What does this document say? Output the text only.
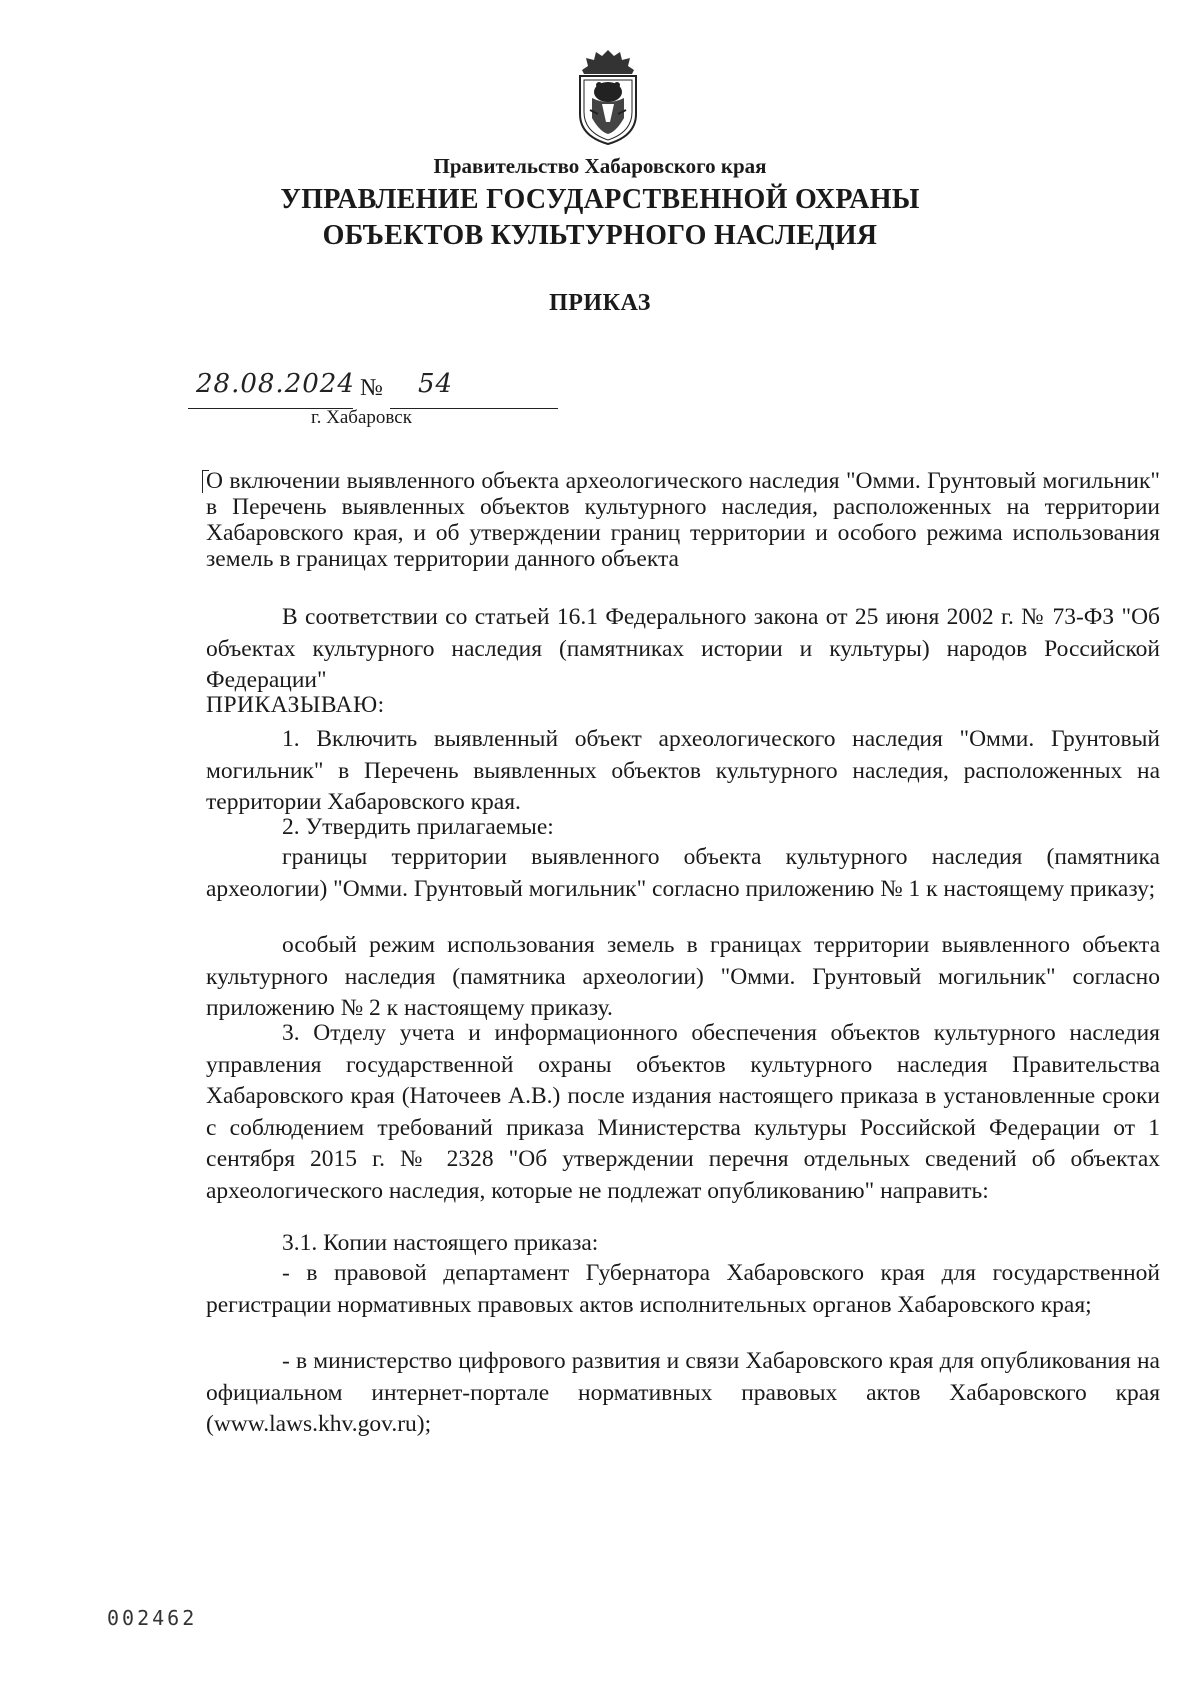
Правительство Хабаровского края
УПРАВЛЕНИЕ ГОСУДАРСТВЕННОЙ ОХРАНЫ
ОБЪЕКТОВ КУЛЬТУРНОГО НАСЛЕДИЯ
ПРИКАЗ
28.08.2024 № 54
г. Хабаровск
О включении выявленного объекта археологического наследия "Омми. Грунтовый могильник" в Перечень выявленных объектов культурного наследия, расположенных на территории Хабаровского края, и об утверждении границ территории и особого режима использования земель в границах территории данного объекта

В соответствии со статьей 16.1 Федерального закона от 25 июня 2002 г. № 73-ФЗ "Об объектах культурного наследия (памятниках истории и культуры) народов Российской Федерации"

ПРИКАЗЫВАЮ:

1. Включить выявленный объект археологического наследия "Омми. Грунтовый могильник" в Перечень выявленных объектов культурного наследия, расположенных на территории Хабаровского края.

2. Утвердить прилагаемые:

границы территории выявленного объекта культурного наследия (памятника археологии) "Омми. Грунтовый могильник" согласно приложению № 1 к настоящему приказу;

особый режим использования земель в границах территории выявленного объекта культурного наследия (памятника археологии) "Омми. Грунтовый могильник" согласно приложению № 2 к настоящему приказу.

3. Отделу учета и информационного обеспечения объектов культурного наследия управления государственной охраны объектов культурного наследия Правительства Хабаровского края (Наточеев А.В.) после издания настоящего приказа в установленные сроки с соблюдением требований приказа Министерства культуры Российской Федерации от 1 сентября 2015 г. № 2328 "Об утверждении перечня отдельных сведений об объектах археологического наследия, которые не подлежат опубликованию" направить:

3.1. Копии настоящего приказа:

- в правовой департамент Губернатора Хабаровского края для государственной регистрации нормативных правовых актов исполнительных органов Хабаровского края;

- в министерство цифрового развития и связи Хабаровского края для опубликования на официальном интернет-портале нормативных правовых актов Хабаровского края (www.laws.khv.gov.ru);

002462
